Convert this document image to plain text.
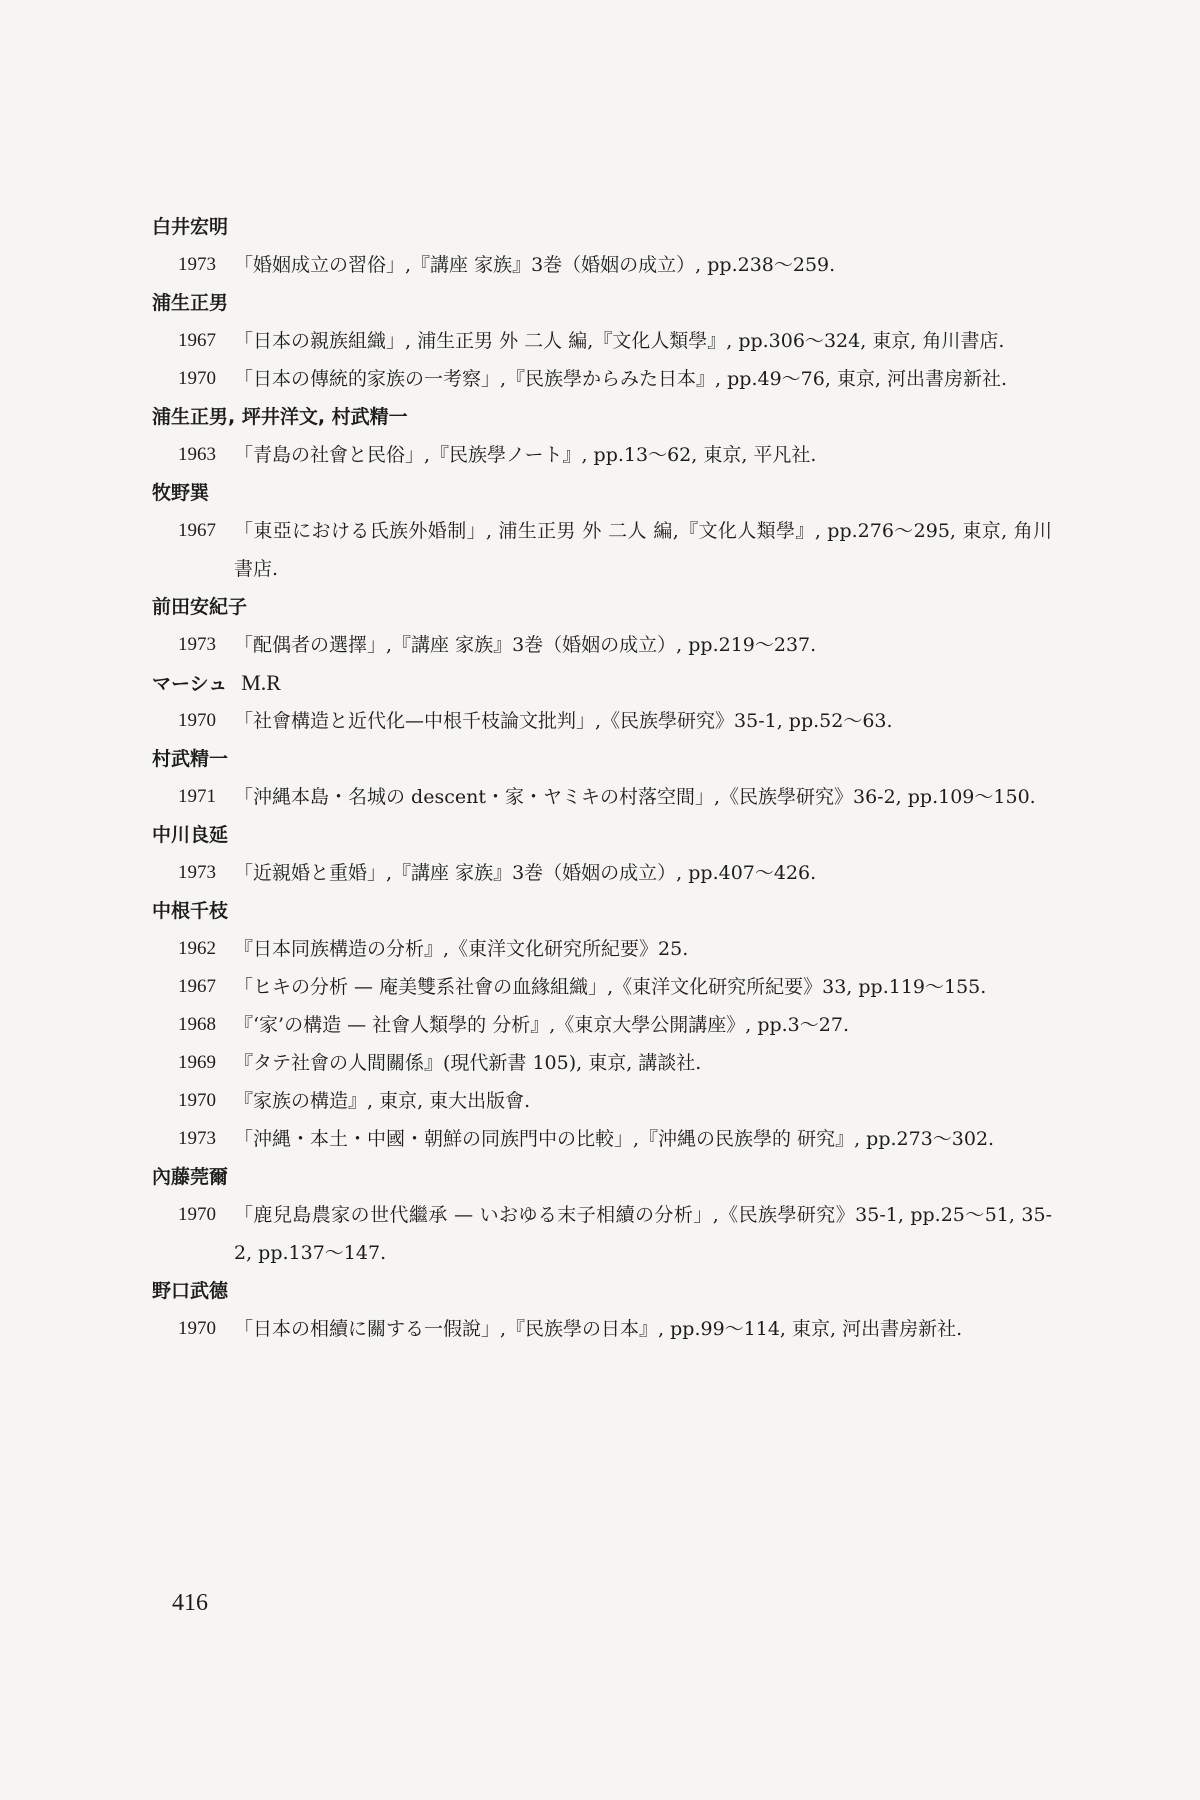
白井宏明
1973 「婚姻成立の習俗」,『講座 家族』3巻（婚姻の成立）, pp.238～259.
浦生正男
1967 「日本の親族組織」, 浦生正男 外 二人 編,『文化人類學』, pp.306～324, 東京, 角川書店.
1970 「日本の傳統的家族の一考察」,『民族學からみた日本』, pp.49～76, 東京, 河出書房新社.
浦生正男, 坪井洋文, 村武精一
1963 「青島の社會と民俗」,『民族學ノート』, pp.13～62, 東京, 平凡社.
牧野巽
1967 「東亞における氏族外婚制」, 浦生正男 外 二人 編,『文化人類學』, pp.276～295, 東京, 角川書店.
前田安紀子
1973 「配偶者の選擇」,『講座 家族』3巻（婚姻の成立）, pp.219～237.
マーシュ M.R
1970 「社會構造と近代化—中根千枝論文批判」,《民族學研究》35-1, pp.52～63.
村武精一
1971 「沖縄本島・名城の descent・家・ヤミキの村落空間」,《民族學研究》36-2, pp.109～150.
中川良延
1973 「近親婚と重婚」,『講座 家族』3巻（婚姻の成立）, pp.407～426.
中根千枝
1962 『日本同族構造の分析』,《東洋文化研究所紀要》25.
1967 「ヒキの分析 — 庵美雙系社會の血緣組織」,《東洋文化研究所紀要》33, pp.119～155.
1968 『‘家’の構造 — 社會人類學的 分析』,《東京大學公開講座》, pp.3～27.
1969 『タテ社會の人間關係』(現代新書 105), 東京, 講談社.
1970 『家族の構造』, 東京, 東大出版會.
1973 「沖縄・本土・中國・朝鮮の同族門中の比較」,『沖縄の民族學的 研究』, pp.273～302.
內藤莞爾
1970 「鹿兒島農家の世代繼承 — いおゆる末子相續の分析」,《民族學研究》35-1, pp.25～51, 35-2, pp.137～147.
野口武德
1970 「日本の相續に關する一假說」,『民族學の日本』, pp.99～114, 東京, 河出書房新社.
416
